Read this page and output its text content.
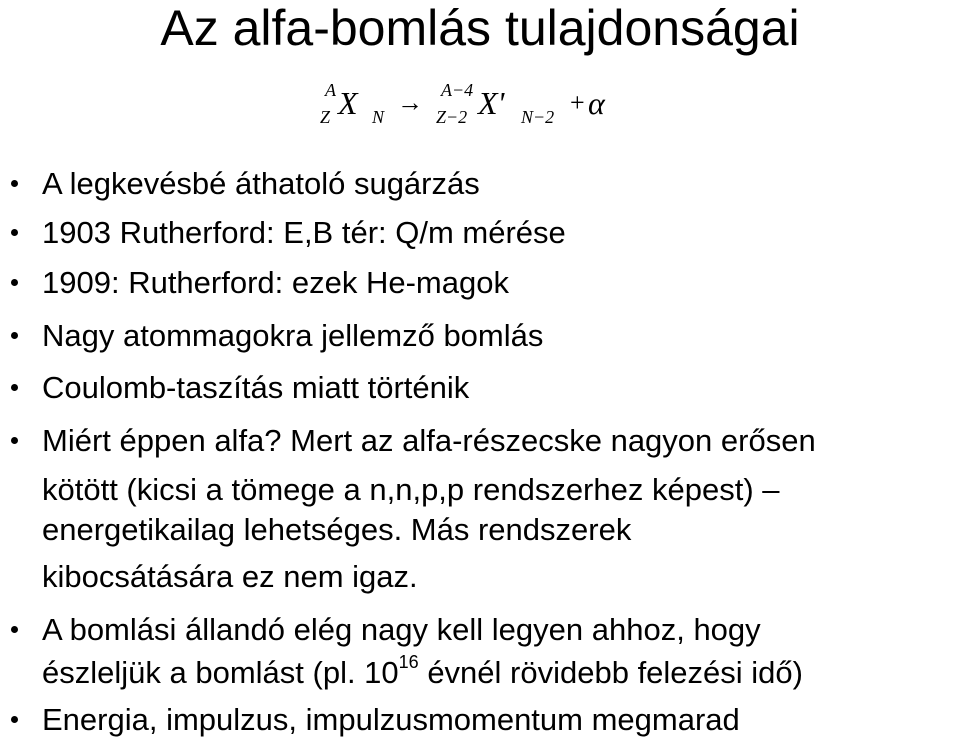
Az alfa-bomlás tulajdonságai
A
Z X N → A−4
Z−2 X' N−2 + α
A legkevésbé áthatoló sugárzás
1903 Rutherford: E,B tér: Q/m mérése
1909: Rutherford: ezek He-magok
Nagy atommagokra jellemző bomlás
Coulomb-taszítás miatt történik
Miért éppen alfa? Mert az alfa-részecske nagyon erősen
kötött (kicsi a tömege a n,n,p,p rendszerhez képest) –
energetikailag lehetséges. Más rendszerek
kibocsátására ez nem igaz.
A bomlási állandó elég nagy kell legyen ahhoz, hogy
észleljük a bomlást (pl. $10^{16}$ évnél rövidebb felezési idő)
Energia, impulzus, impulzusmomentum megmarad
